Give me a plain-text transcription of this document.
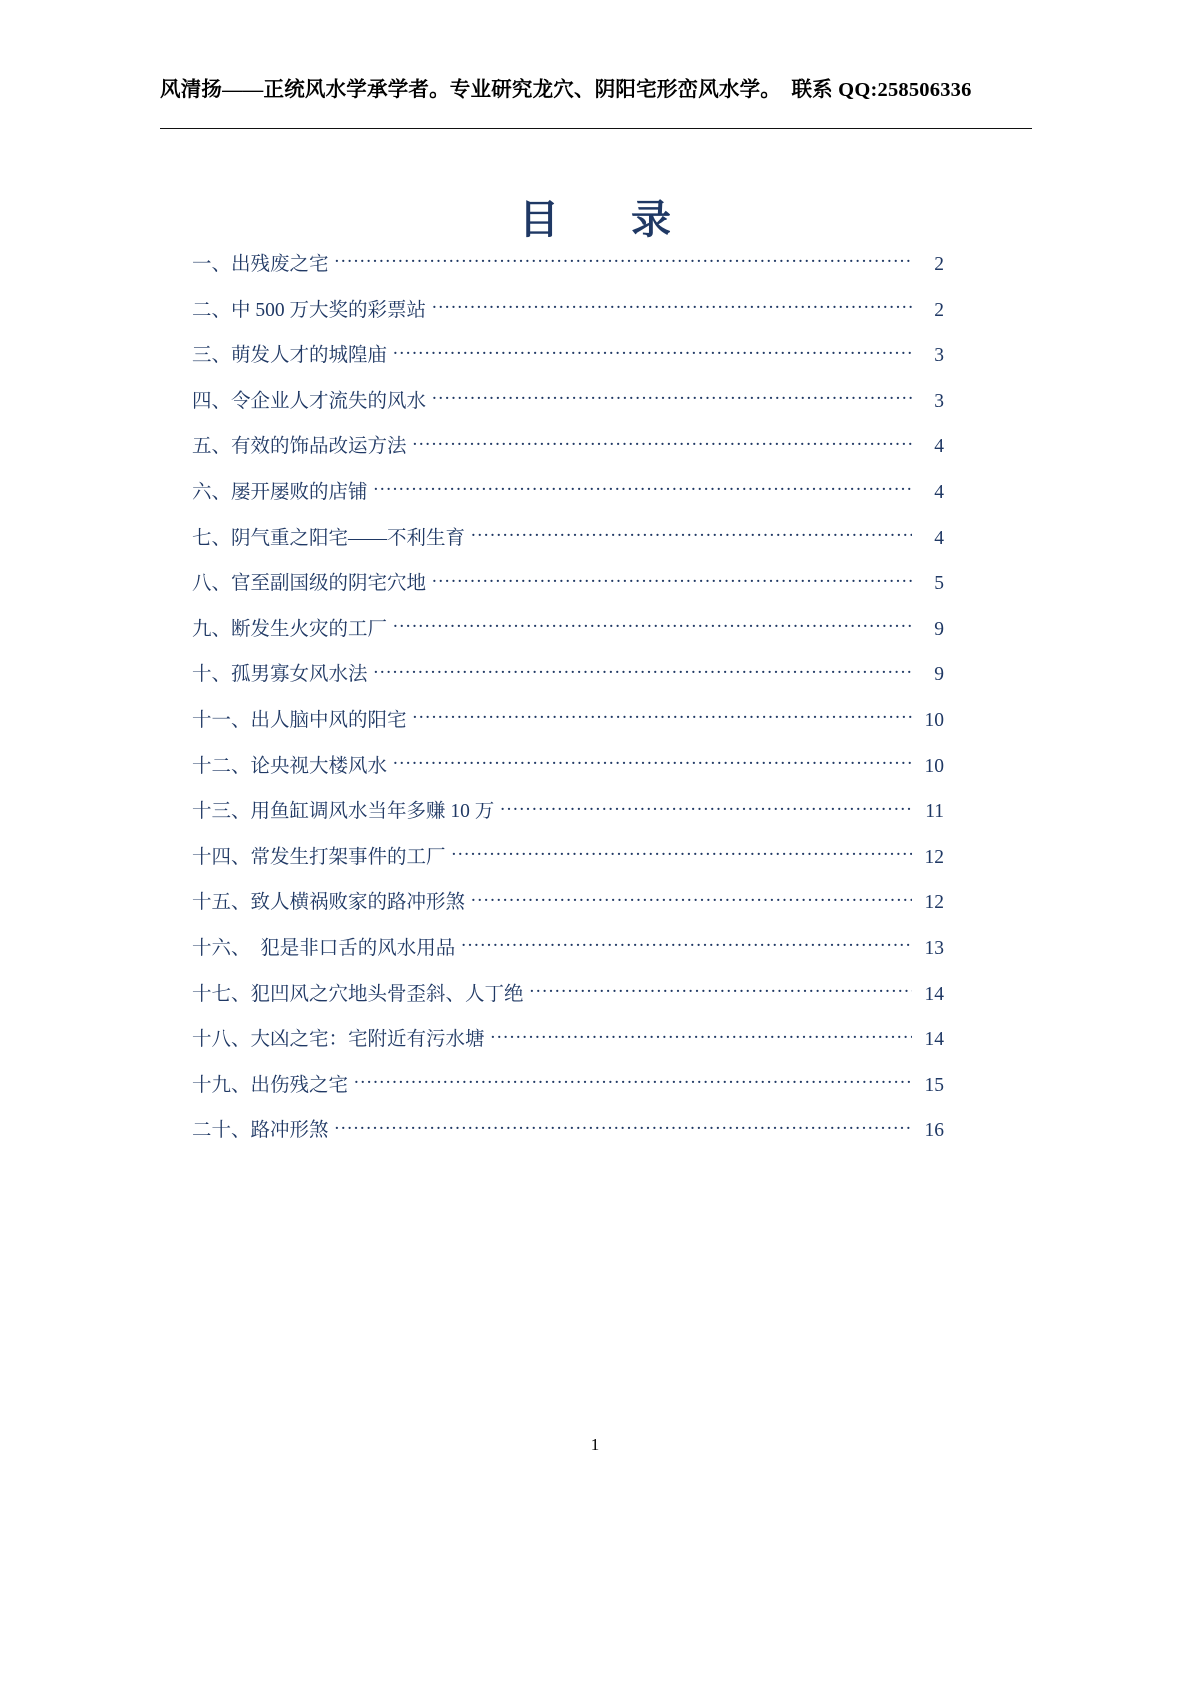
风清扬——正统风水学承学者。专业研究龙穴、阴阳宅形峦风水学。　联系 QQ:258506336
目　录
一、出残废之宅 .....	2
二、中 500 万大奖的彩票站 .....	2
三、萌发人才的城隍庙 .....	3
四、令企业人才流失的风水 .....	3
五、有效的饰品改运方法 .....	4
六、屡开屡败的店铺 .....	4
七、阴气重之阳宅——不利生育 .....	4
八、官至副国级的阴宅穴地 .....	5
九、断发生火灾的工厂 .....	9
十、孤男寡女风水法 .....	9
十一、出人脑中风的阳宅 .....	10
十二、论央视大楼风水 .....	10
十三、用鱼缸调风水当年多赚 10 万 .....	11
十四、常发生打架事件的工厂 .....	12
十五、致人横祸败家的路冲形煞 .....	12
十六、　犯是非口舌的风水用品 .....	13
十七、犯凹风之穴地头骨歪斜、人丁绝 .....	14
十八、大凶之宅：宅附近有污水塘 .....	14
十九、出伤残之宅 .....	15
二十、路冲形煞 .....	16
1
